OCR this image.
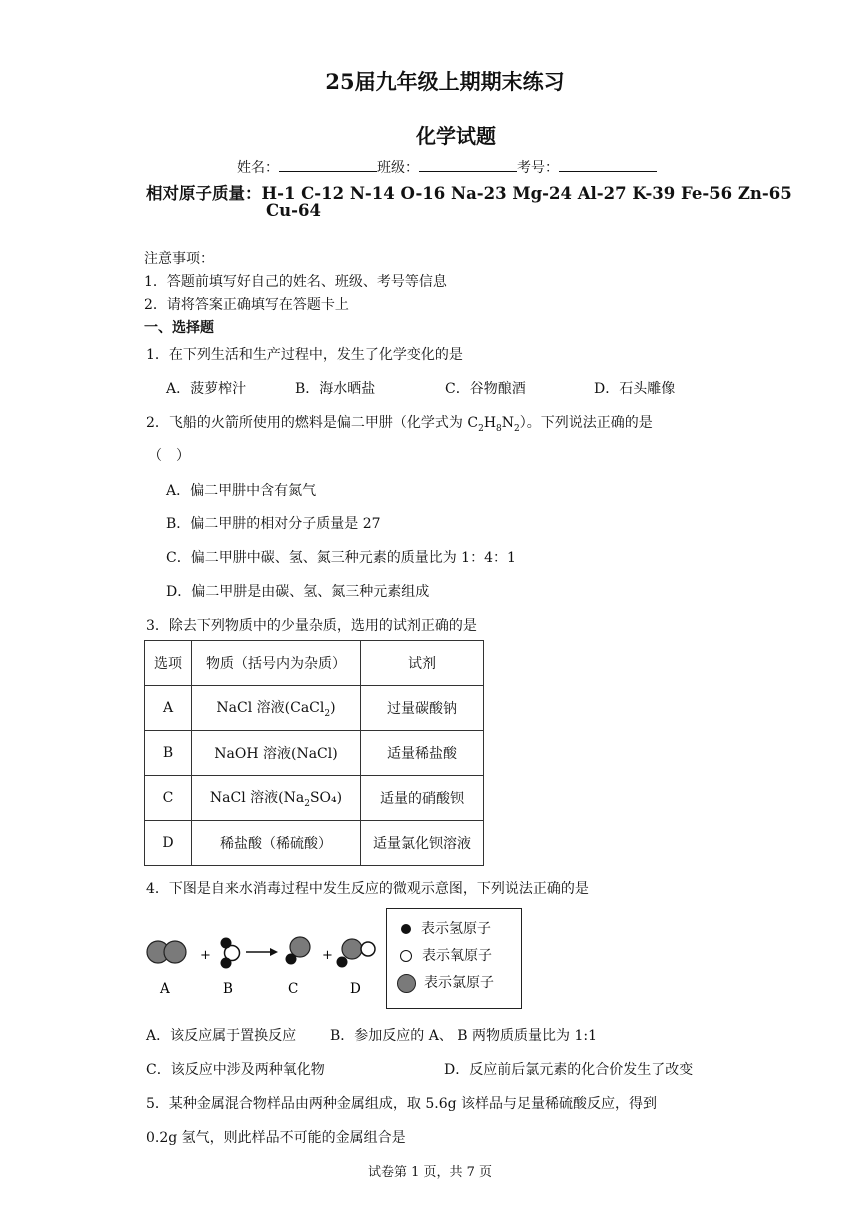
25届九年级上期期末练习
化学试题
姓名：	班级：	考号：
相对原子质量：H-1 C-12 N-14 O-16 Na-23 Mg-24 Al-27 K-39 Fe-56 Zn-65
Cu-64
注意事项：
1．答题前填写好自己的姓名、班级、考号等信息
2．请将答案正确填写在答题卡上
一、选择题
1．在下列生活和生产过程中，发生了化学变化的是
A．菠萝榨汁	B．海水晒盐	C．谷物酿酒	D．石头雕像
2．飞船的火箭所使用的燃料是偏二甲肼（化学式为 $C_2H_8N_2$）。下列说法正确的是
（　）
A．偏二甲肼中含有氮气
B．偏二甲肼的相对分子质量是 27
C．偏二甲肼中碳、氢、氮三种元素的质量比为 1：4：1
D．偏二甲肼是由碳、氢、氮三种元素组成
3．除去下列物质中的少量杂质，选用的试剂正确的是
选项	物质（括号内为杂质）	试剂
A	NaCl 溶液(CaCl$_2$)	过量碳酸钠
B	NaOH 溶液(NaCl)	适量稀盐酸
C	NaCl 溶液$(Na_2SO_4)$	适量的硝酸钡
D	稀盐酸（稀硫酸）	适量氯化钡溶液
4．下图是自来水消毒过程中发生反应的微观示意图，下列说法正确的是
+	+
A	B	C	D
表示氢原子
表示氧原子
表示氯原子
A．该反应属于置换反应 B．参加反应的 A、 B 两物质质量比为 1:1
C．该反应中涉及两种氧化物	D．反应前后氯元素的化合价发生了改变
5．某种金属混合物样品由两种金属组成，取 5.6g 该样品与足量稀硫酸反应，得到
0.2g 氢气，则此样品不可能的金属组合是
试卷第 1 页，共 7 页
